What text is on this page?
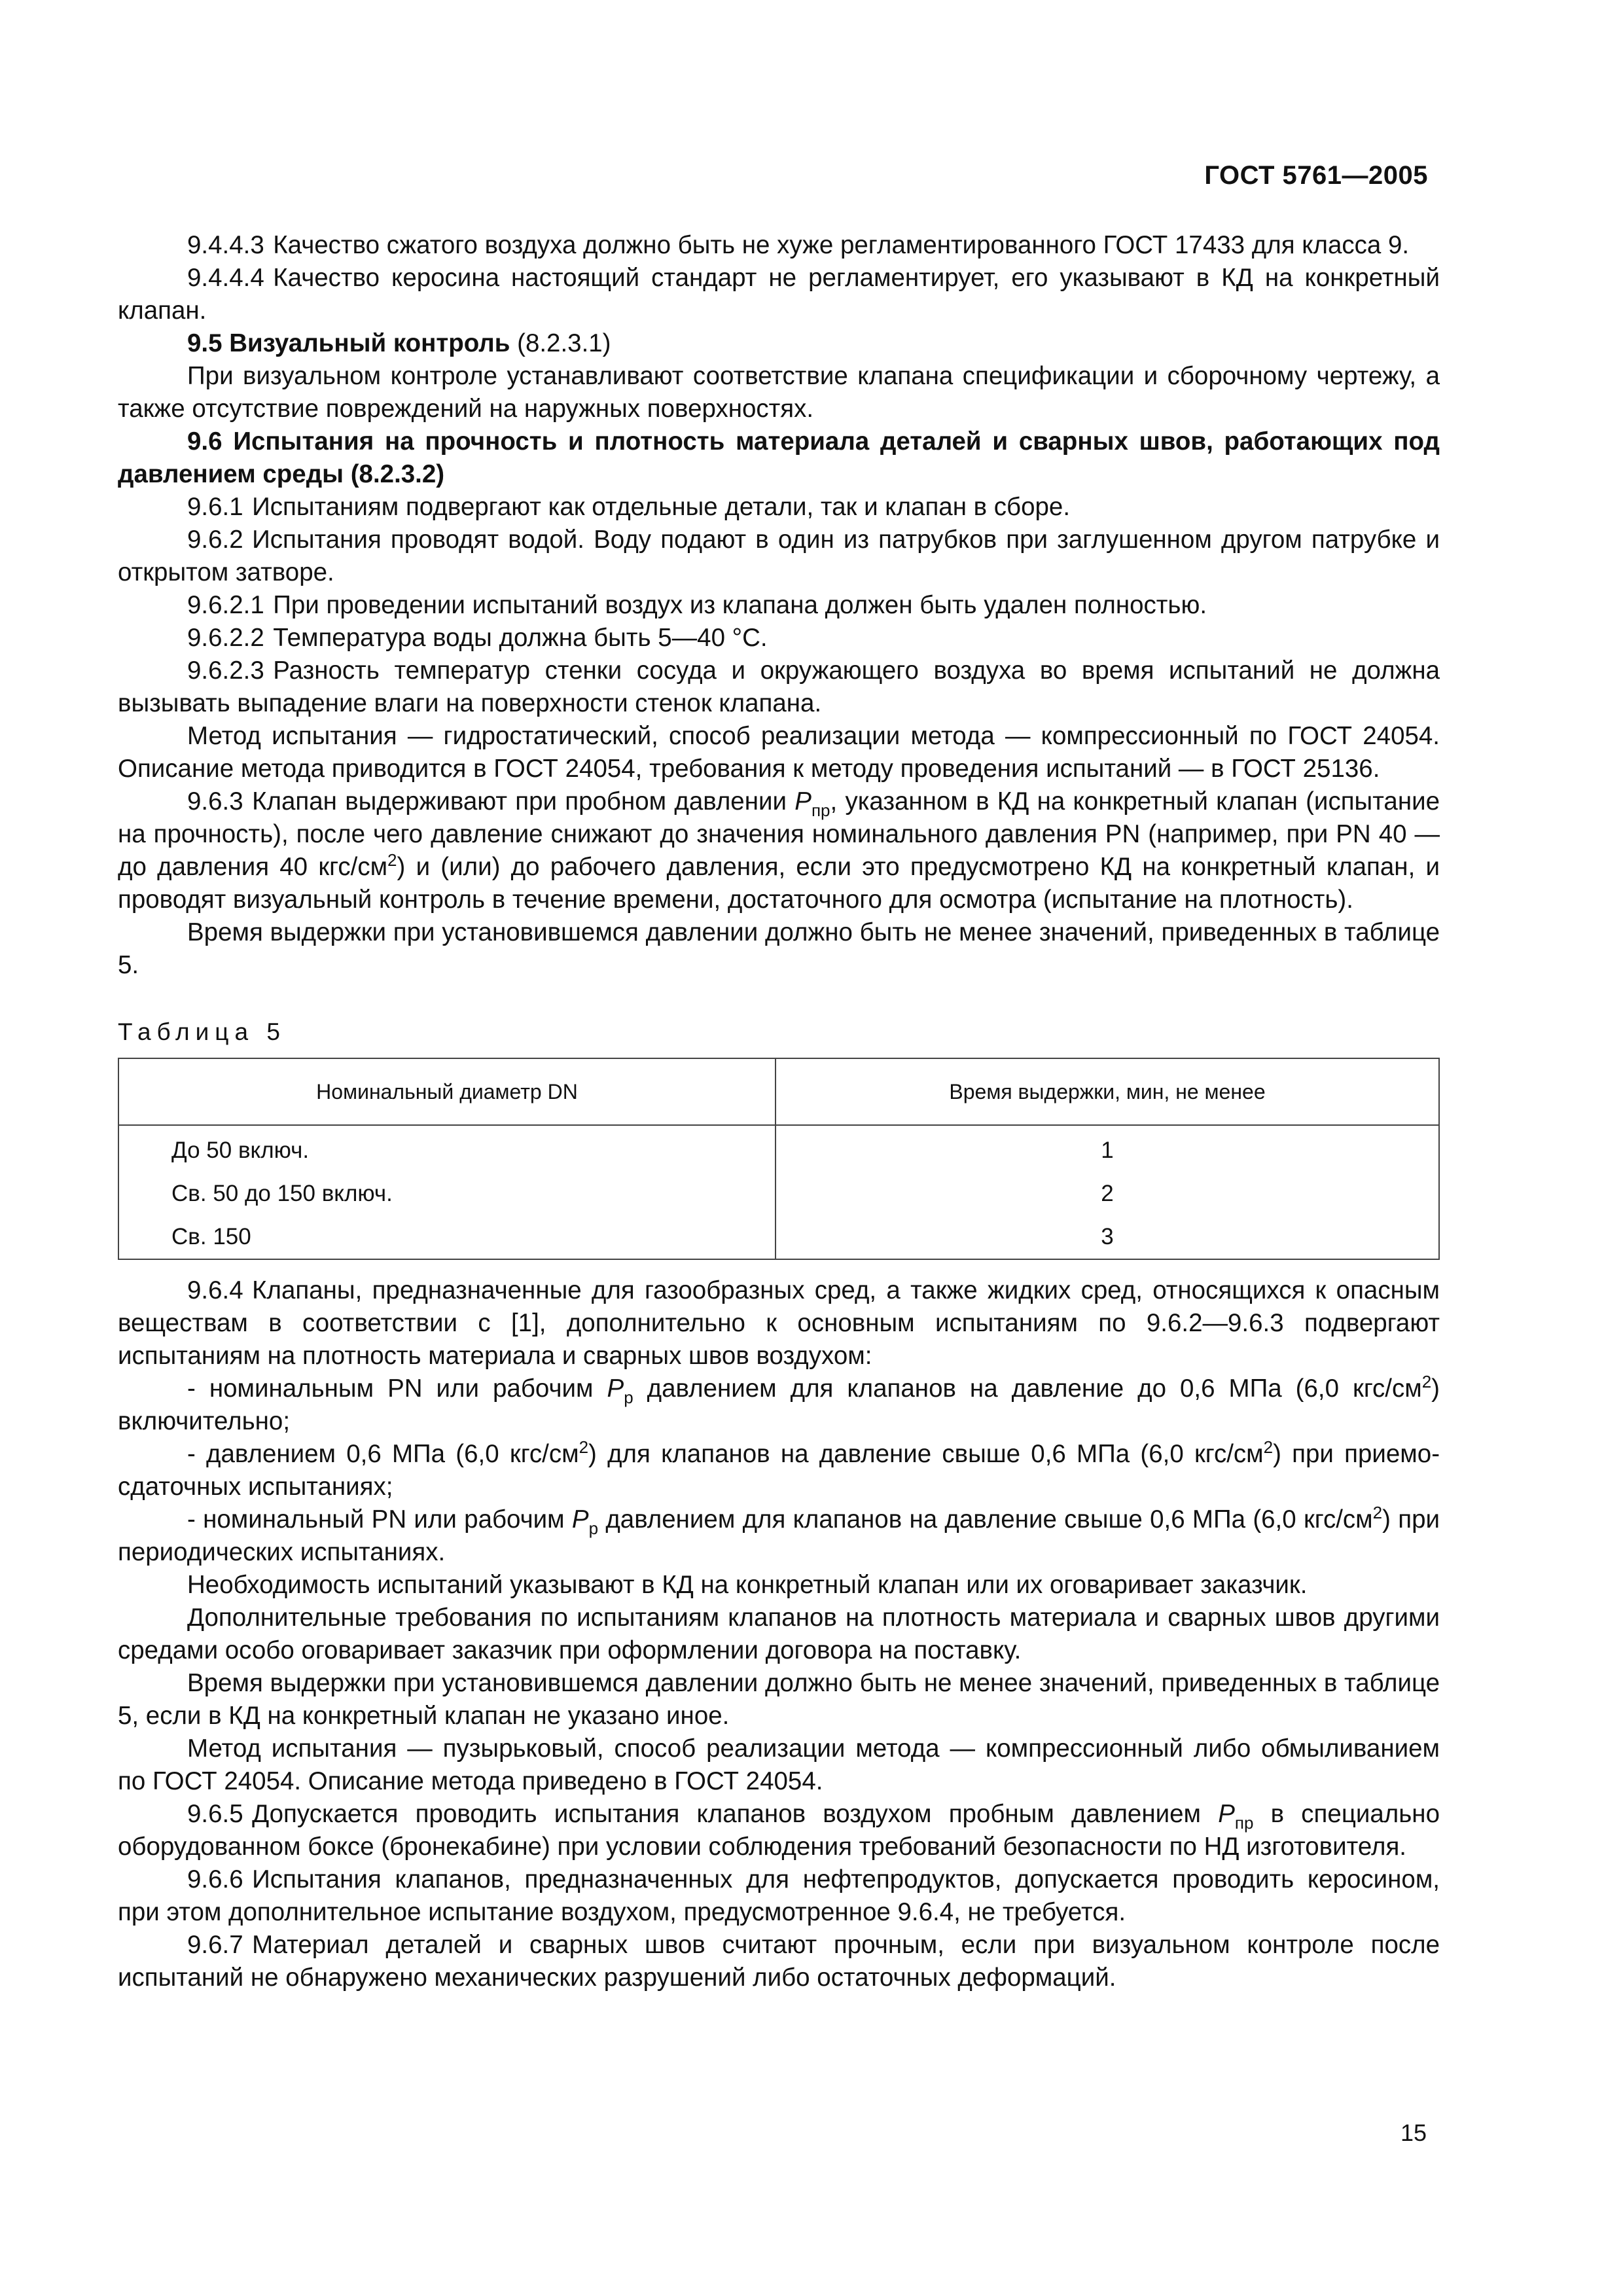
ГОСТ 5761—2005

9.4.4.3 Качество сжатого воздуха должно быть не хуже регламентированного ГОСТ 17433 для класса 9.

9.4.4.4 Качество керосина настоящий стандарт не регламентирует, его указывают в КД на конкретный клапан.

9.5 Визуальный контроль (8.2.3.1)

При визуальном контроле устанавливают соответствие клапана спецификации и сборочному чертежу, а также отсутствие повреждений на наружных поверхностях.

9.6 Испытания на прочность и плотность материала деталей и сварных швов, работающих под давлением среды (8.2.3.2)

9.6.1 Испытаниям подвергают как отдельные детали, так и клапан в сборе.

9.6.2 Испытания проводят водой. Воду подают в один из патрубков при заглушенном другом патрубке и открытом затворе.

9.6.2.1 При проведении испытаний воздух из клапана должен быть удален полностью.

9.6.2.2 Температура воды должна быть 5—40 °С.

9.6.2.3 Разность температур стенки сосуда и окружающего воздуха во время испытаний не должна вызывать выпадение влаги на поверхности стенок клапана.

Метод испытания — гидростатический, способ реализации метода — компрессионный по ГОСТ 24054. Описание метода приводится в ГОСТ 24054, требования к методу проведения испытаний — в ГОСТ 25136.

9.6.3 Клапан выдерживают при пробном давлении $P_{пр}$, указанном в КД на конкретный клапан (испытание на прочность), после чего давление снижают до значения номинального давления PN (например, при PN 40 — до давления 40 кгс/$см^2$) и (или) до рабочего давления, если это предусмотрено КД на конкретный клапан, и проводят визуальный контроль в течение времени, достаточного для осмотра (испытание на плотность).

Время выдержки при установившемся давлении должно быть не менее значений, приведенных в таблице 5.

Таблица 5

Номинальный диаметр DN	Время выдержки, мин, не менее
До 50 включ.	1
Св. 50 до 150 включ.	2
Св. 150	3

9.6.4 Клапаны, предназначенные для газообразных сред, а также жидких сред, относящихся к опасным веществам в соответствии с [1], дополнительно к основным испытаниям по 9.6.2—9.6.3 подвергают испытаниям на плотность материала и сварных швов воздухом:

- номинальным PN или рабочим $P_р$ давлением для клапанов на давление до 0,6 МПа (6,0 кгс/$см^2$) включительно;

- давлением 0,6 МПа (6,0 кгс/$см^2$) для клапанов на давление свыше 0,6 МПа (6,0 кгс/$см^2$) при приемо-сдаточных испытаниях;

- номинальный PN или рабочим $P_р$ давлением для клапанов на давление свыше 0,6 МПа (6,0 кгс/$см^2$) при периодических испытаниях.

Необходимость испытаний указывают в КД на конкретный клапан или их оговаривает заказчик.

Дополнительные требования по испытаниям клапанов на плотность материала и сварных швов другими средами особо оговаривает заказчик при оформлении договора на поставку.

Время выдержки при установившемся давлении должно быть не менее значений, приведенных в таблице 5, если в КД на конкретный клапан не указано иное.

Метод испытания — пузырьковый, способ реализации метода — компрессионный либо обмыливанием по ГОСТ 24054. Описание метода приведено в ГОСТ 24054.

9.6.5 Допускается проводить испытания клапанов воздухом пробным давлением $P_{пр}$ в специально оборудованном боксе (бронекабине) при условии соблюдения требований безопасности по НД изготовителя.

9.6.6 Испытания клапанов, предназначенных для нефтепродуктов, допускается проводить керосином, при этом дополнительное испытание воздухом, предусмотренное 9.6.4, не требуется.

9.6.7 Материал деталей и сварных швов считают прочным, если при визуальном контроле после испытаний не обнаружено механических разрушений либо остаточных деформаций.

15
